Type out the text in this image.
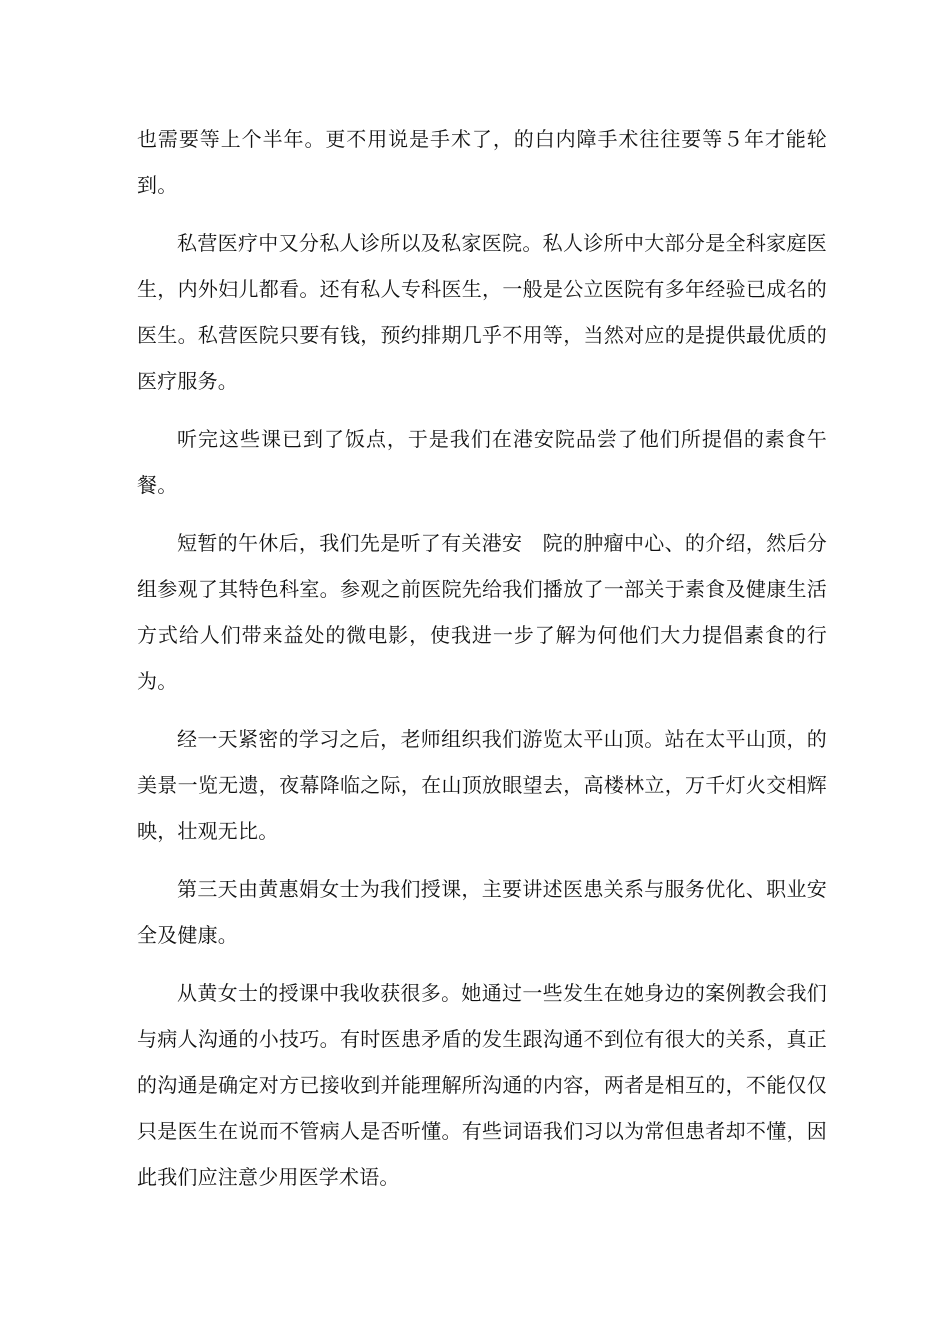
也需要等上个半年。更不用说是手术了，的白内障手术往往要等５年才能轮到。

私营医疗中又分私人诊所以及私家医院。私人诊所中大部分是全科家庭医生，内外妇儿都看。还有私人专科医生，一般是公立医院有多年经验已成名的医生。私营医院只要有钱，预约排期几乎不用等，当然对应的是提供最优质的医疗服务。

听完这些课已到了饭点，于是我们在港安院品尝了他们所提倡的素食午餐。

短暂的午休后，我们先是听了有关港安　院的肿瘤中心、的介绍，然后分组参观了其特色科室。参观之前医院先给我们播放了一部关于素食及健康生活方式给人们带来益处的微电影，使我进一步了解为何他们大力提倡素食的行为。

经一天紧密的学习之后，老师组织我们游览太平山顶。站在太平山顶，的美景一览无遗，夜幕降临之际，在山顶放眼望去，高楼林立，万千灯火交相辉映，壮观无比。

第三天由黄惠娟女士为我们授课，主要讲述医患关系与服务优化、职业安全及健康。

从黄女士的授课中我收获很多。她通过一些发生在她身边的案例教会我们与病人沟通的小技巧。有时医患矛盾的发生跟沟通不到位有很大的关系，真正的沟通是确定对方已接收到并能理解所沟通的内容，两者是相互的，不能仅仅只是医生在说而不管病人是否听懂。有些词语我们习以为常但患者却不懂，因此我们应注意少用医学术语。
